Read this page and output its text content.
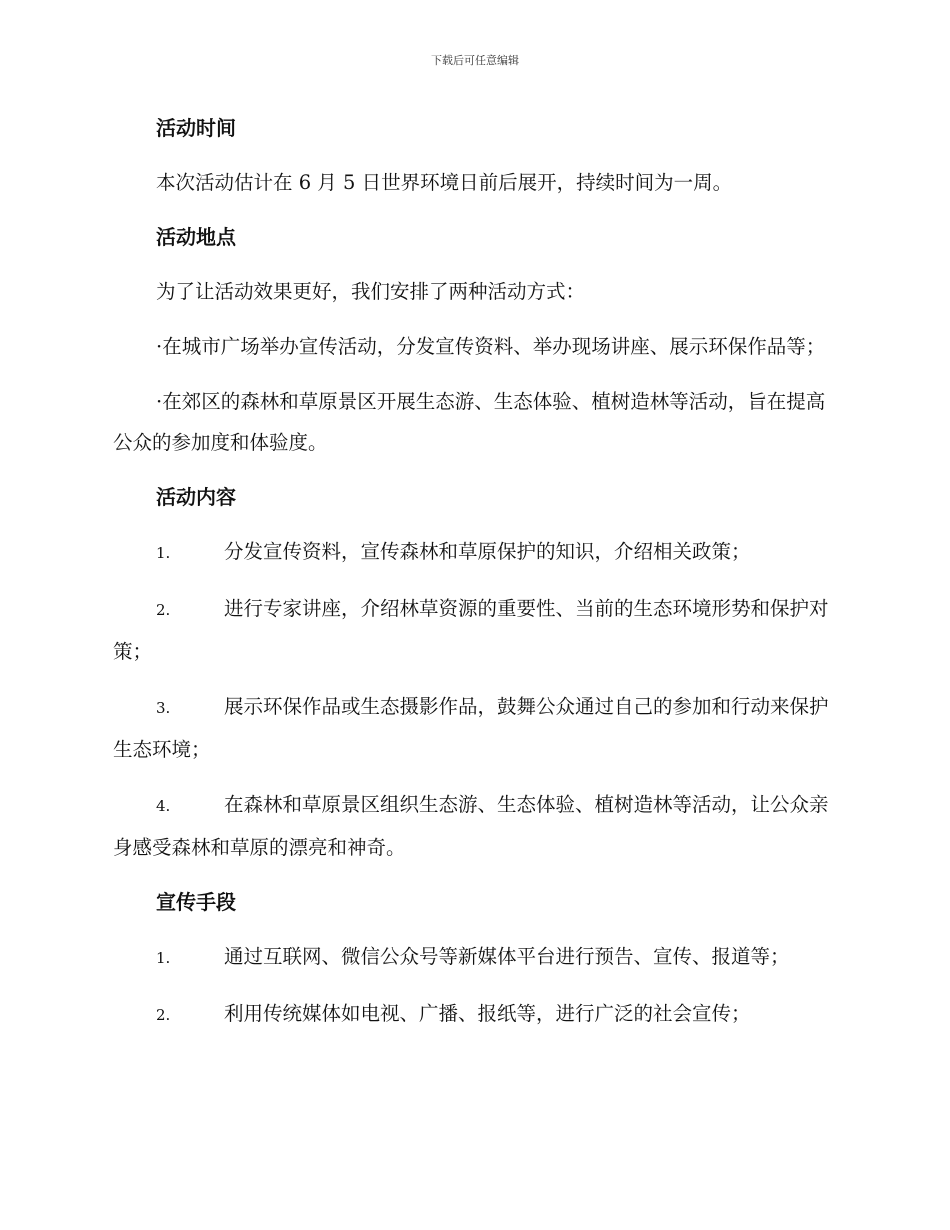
下载后可任意编辑
活动时间

本次活动估计在 6 月 5 日世界环境日前后展开，持续时间为一周。

活动地点

为了让活动效果更好，我们安排了两种活动方式：

·在城市广场举办宣传活动，分发宣传资料、举办现场讲座、展示环保作品等；

·在郊区的森林和草原景区开展生态游、生态体验、植树造林等活动，旨在提高公众的参加度和体验度。

活动内容

1.	分发宣传资料，宣传森林和草原保护的知识，介绍相关政策；

2.	进行专家讲座，介绍林草资源的重要性、当前的生态环境形势和保护对策；

3.	展示环保作品或生态摄影作品，鼓舞公众通过自己的参加和行动来保护生态环境；

4.	在森林和草原景区组织生态游、生态体验、植树造林等活动，让公众亲身感受森林和草原的漂亮和神奇。

宣传手段

1.	通过互联网、微信公众号等新媒体平台进行预告、宣传、报道等；

2.	利用传统媒体如电视、广播、报纸等，进行广泛的社会宣传；
